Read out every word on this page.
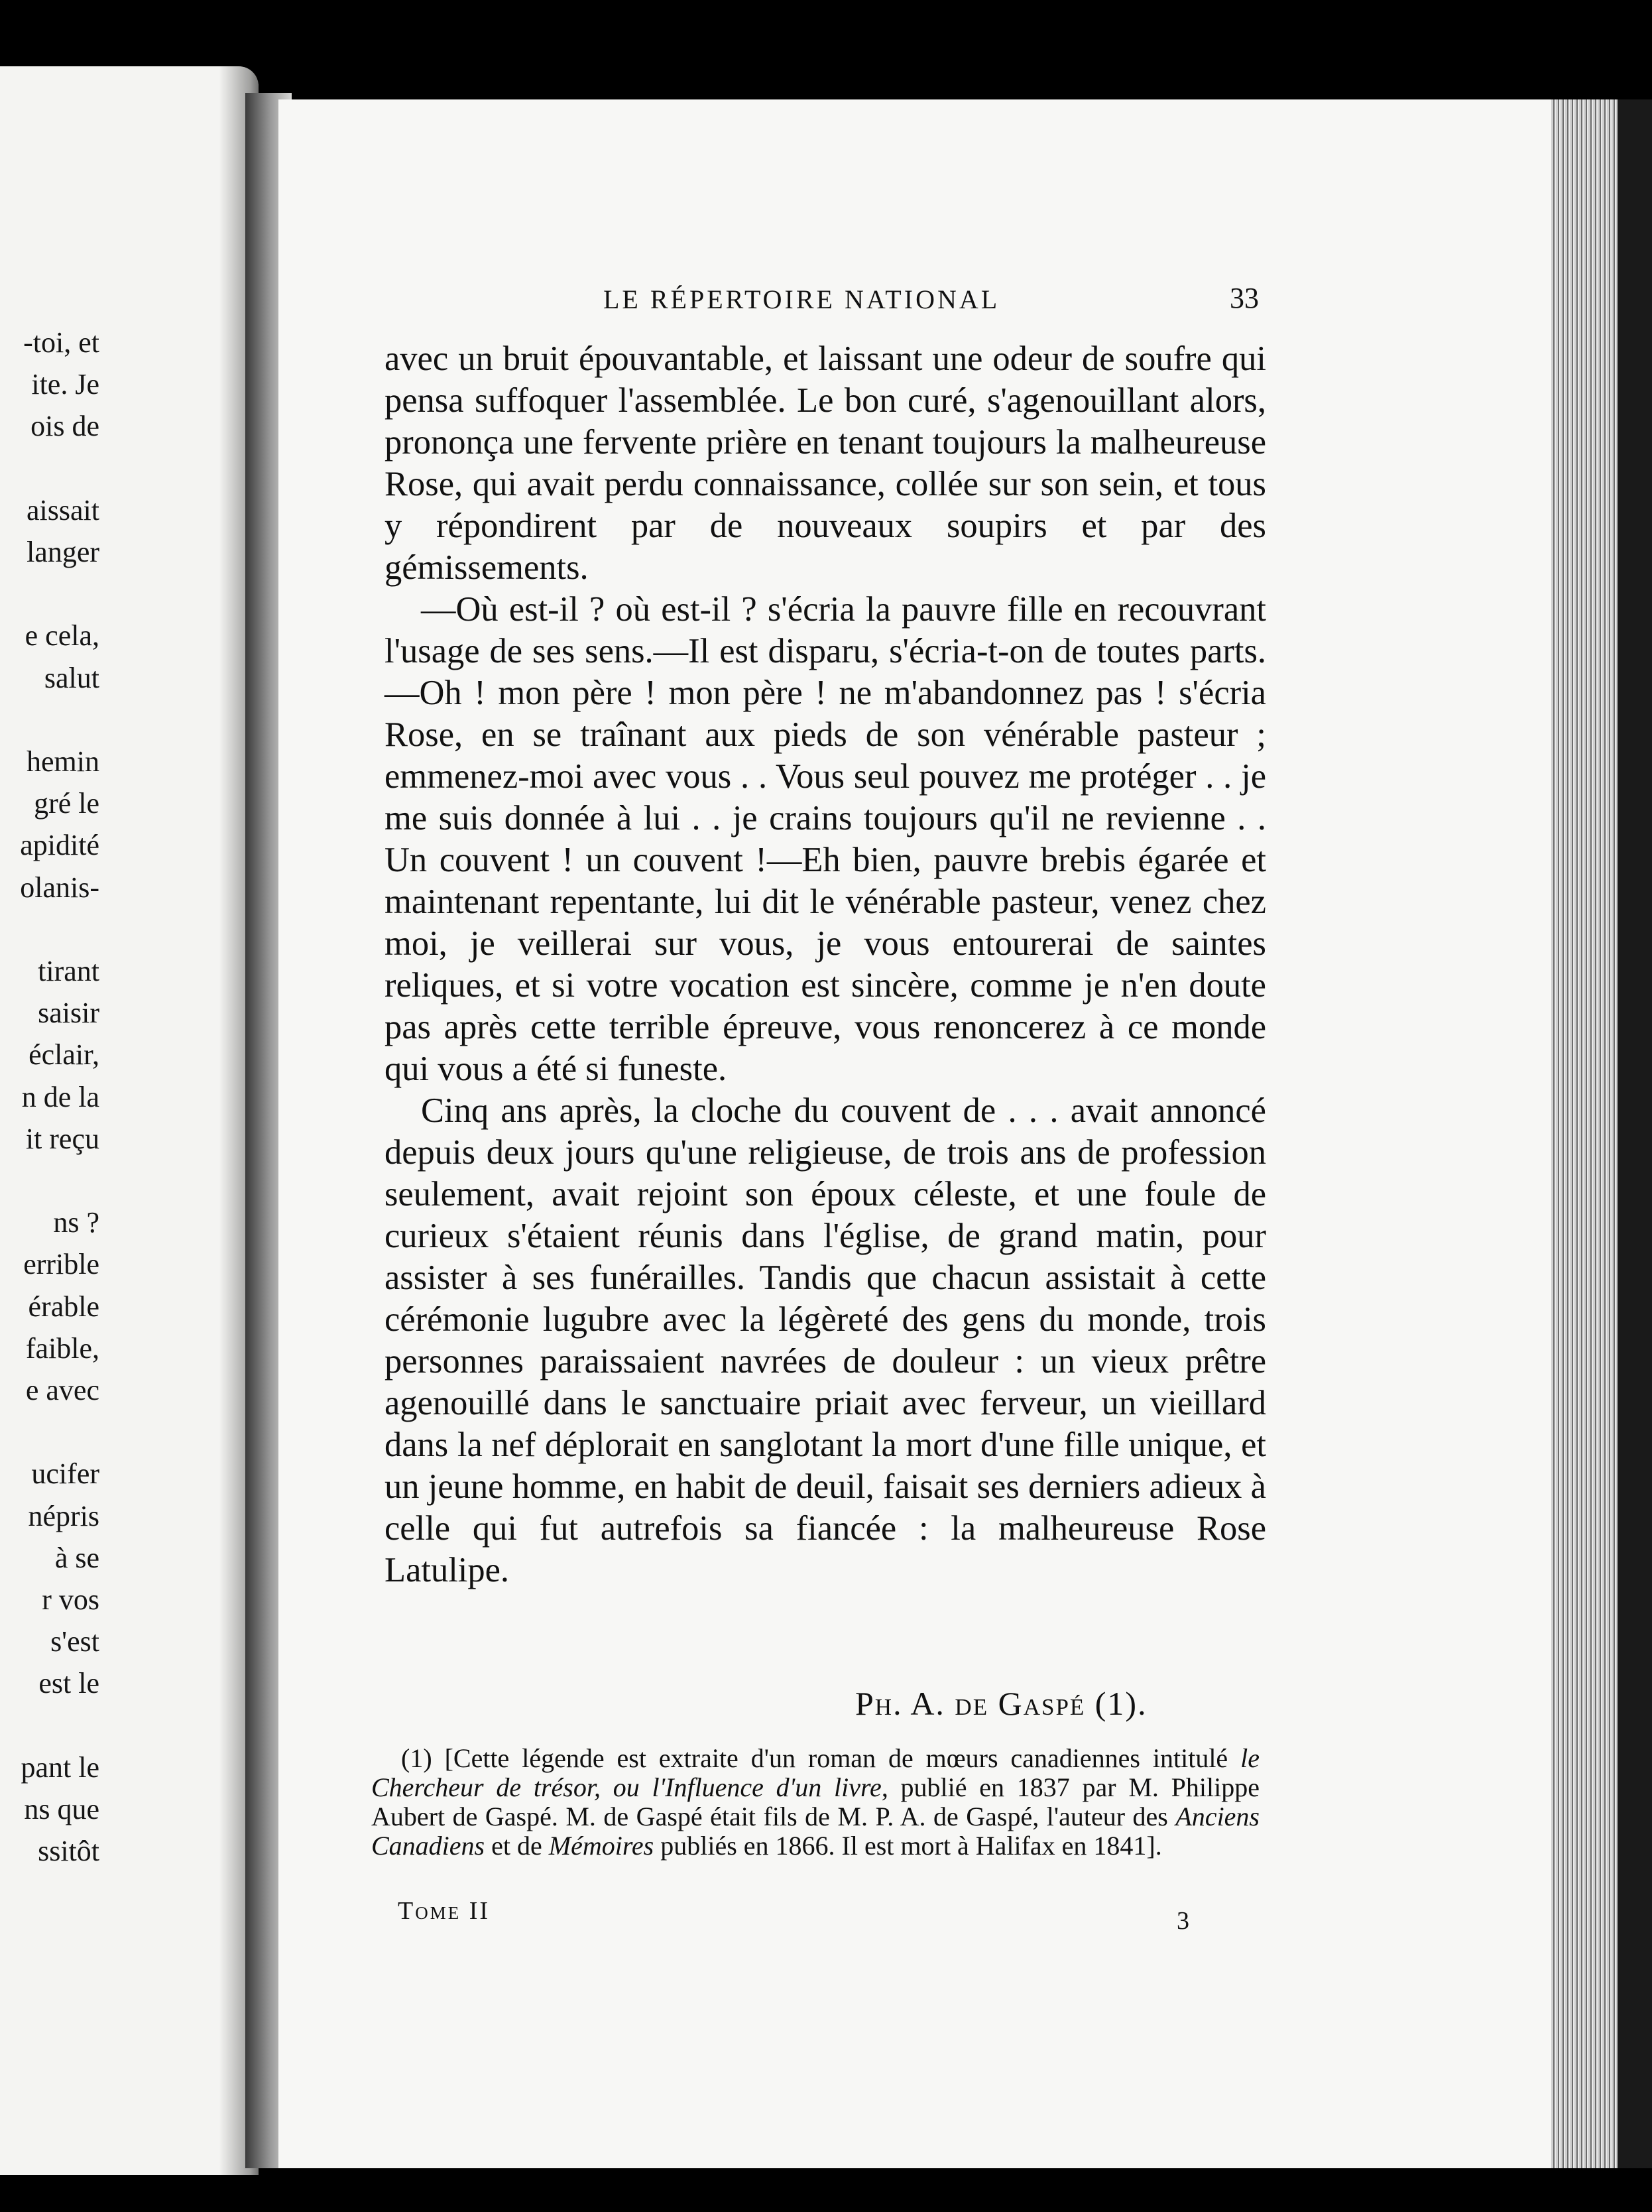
-toi, et
ite. Je
ois de
aissait
langer
e cela,
salut
hemin
gré le
apidité
olanis-
tirant
saisir
éclair,
n de la
it reçu
ns ?
errible
érable
faible,
e avec
ucifer
népris
à se
r vos
s'est
est le
pant le
ns que
ssitôt
LE RÉPERTOIRE NATIONAL	33

avec un bruit épouvantable, et laissant une odeur de soufre qui pensa suffoquer l'assemblée. Le bon curé, s'agenouillant alors, prononça une fervente prière en tenant toujours la malheureuse Rose, qui avait perdu connaissance, collée sur son sein, et tous y répondirent par de nouveaux soupirs et par des gémissements.

—Où est-il ? où est-il ? s'écria la pauvre fille en recouvrant l'usage de ses sens.—Il est disparu, s'écria-t-on de toutes parts.—Oh ! mon père ! mon père ! ne m'abandonnez pas ! s'écria Rose, en se traînant aux pieds de son vénérable pasteur ; emmenez-moi avec vous . . Vous seul pouvez me protéger . . je me suis donnée à lui . . je crains toujours qu'il ne revienne . . Un couvent ! un couvent !—Eh bien, pauvre brebis égarée et maintenant repentante, lui dit le vénérable pasteur, venez chez moi, je veillerai sur vous, je vous entourerai de saintes reliques, et si votre vocation est sincère, comme je n'en doute pas après cette terrible épreuve, vous renoncerez à ce monde qui vous a été si funeste.

Cinq ans après, la cloche du couvent de . . . avait annoncé depuis deux jours qu'une religieuse, de trois ans de profession seulement, avait rejoint son époux céleste, et une foule de curieux s'étaient réunis dans l'église, de grand matin, pour assister à ses funérailles. Tandis que chacun assistait à cette cérémonie lugubre avec la légèreté des gens du monde, trois personnes paraissaient navrées de douleur : un vieux prêtre agenouillé dans le sanctuaire priait avec ferveur, un vieillard dans la nef déplorait en sanglotant la mort d'une fille unique, et un jeune homme, en habit de deuil, faisait ses derniers adieux à celle qui fut autrefois sa fiancée : la malheureuse Rose Latulipe.

Ph. A. de Gaspé (1).

(1) [Cette légende est extraite d'un roman de mœurs canadiennes intitulé le Chercheur de trésor, ou l'Influence d'un livre, publié en 1837 par M. Philippe Aubert de Gaspé. M. de Gaspé était fils de M. P. A. de Gaspé, l'auteur des Anciens Canadiens et de Mémoires publiés en 1866. Il est mort à Halifax en 1841].

Tome II	3
